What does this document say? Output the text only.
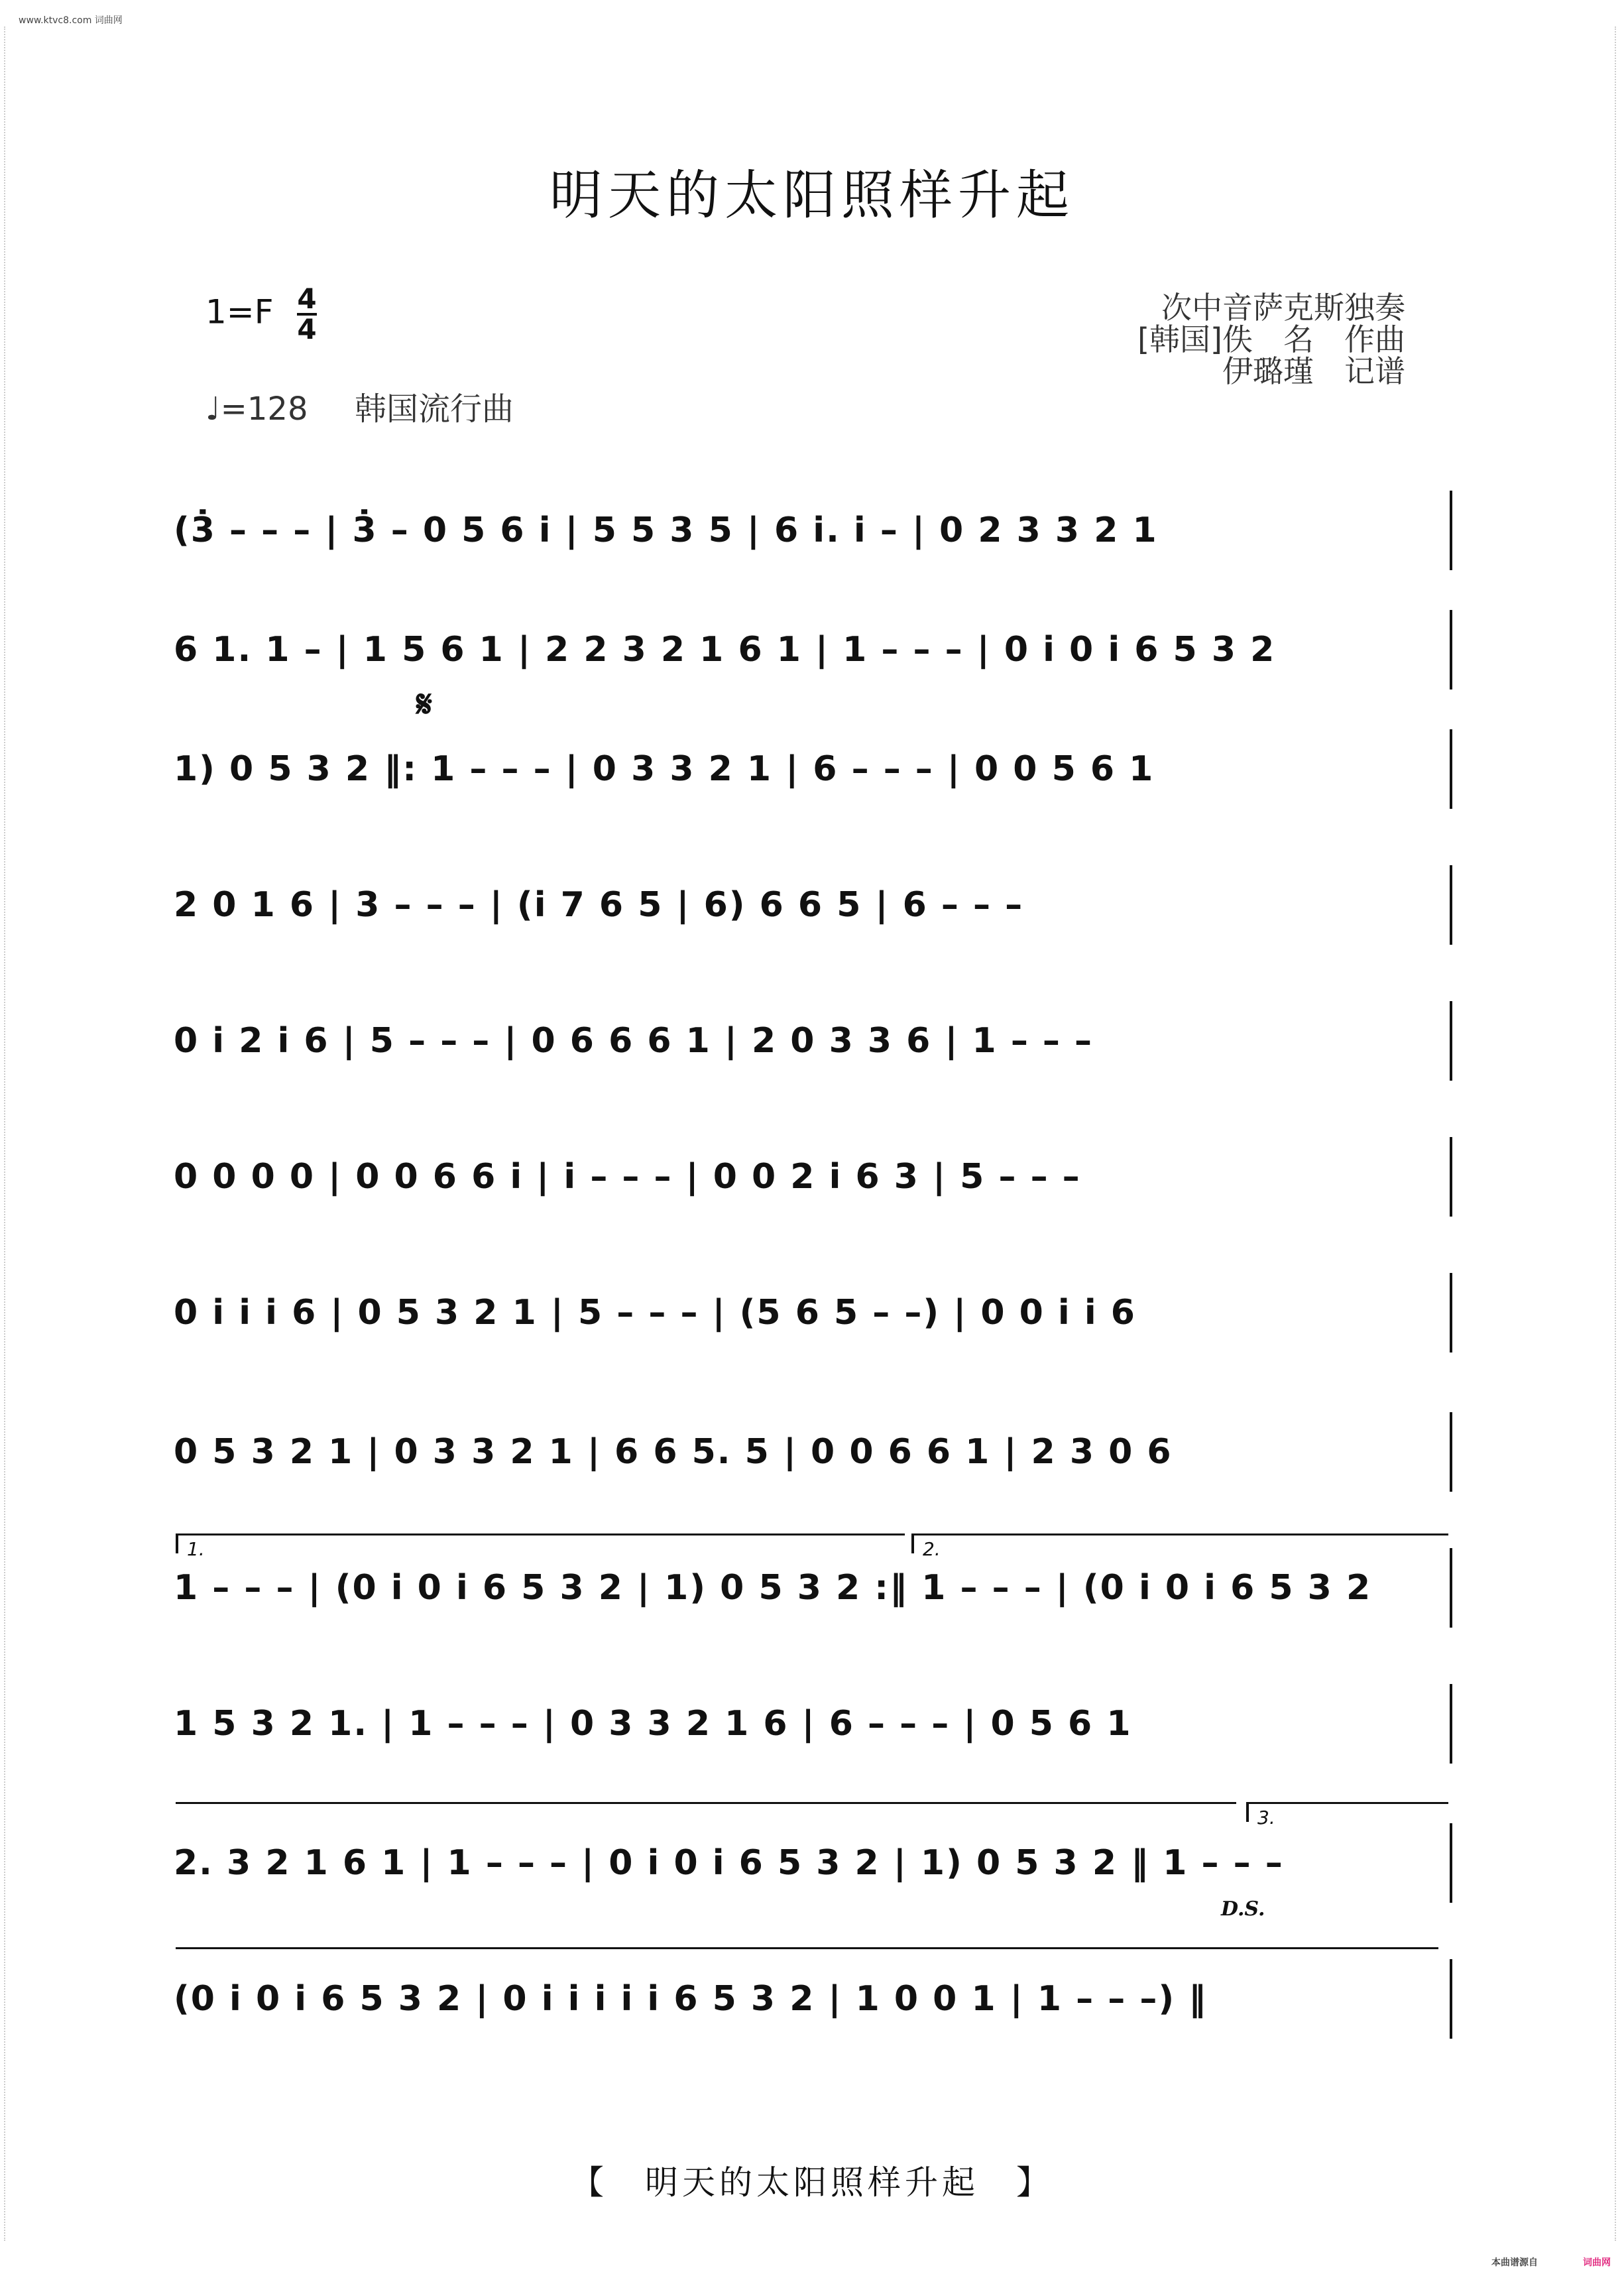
www.ktvc8.com 词曲网
明天的太阳照样升起
$1=F \frac{4}{4}$
♩=128 韩国流行曲
次中音萨克斯独奏
[韩国]佚　名　作曲
伊璐瑾　记谱
(3̇ – – – | 3̇ – 0 5 6 i | 5 5 3 5 | 6 i. i – | 0 2 3 3 2 1
6 1. 1 – | 1 5 6 1 | 2 2 3 2 1 6 1 | 1 – – – | 0 i 0 i 6 5 3 2
𝄋
1) 0 5 3 2 ‖: 1 – – – | 0 3 3 2 1 | 6 – – – | 0 0 5 6 1
2 0 1 6 | 3 – – – | (i 7 6 5 | 6) 6 6 5 | 6 – – –
0 i 2 i 6 | 5 – – – | 0 6 6 6 1 | 2 0 3 3 6 | 1 – – –
0 0 0 0 | 0 0 6 6 i | i – – – | 0 0 2 i 6 3 | 5 – – –
0 i i i 6 | 0 5 3 2 1 | 5 – – – | (5 6 5 – –) | 0 0 i i 6
0 5 3 2 1 | 0 3 3 2 1 | 6 6 5. 5 | 0 0 6 6 1 | 2 3 0 6
1.	2.
1 – – – | (0 i 0 i 6 5 3 2 | 1) 0 5 3 2 :‖ 1 – – – | (0 i 0 i 6 5 3 2
1 5 3 2 1. | 1 – – – | 0 3 3 2 1 6 | 6 – – – | 0 5 6 1
3.
2. 3 2 1 6 1 | 1 – – – | 0 i 0 i 6 5 3 2 | 1) 0 5 3 2 ‖ 1 – – –
D.S.
(0 i 0 i 6 5 3 2 | 0 i i i i i 6 5 3 2 | 1 0 0 1 | 1 – – –) ‖
【　明天的太阳照样升起　】
本曲谱源自	词曲网
